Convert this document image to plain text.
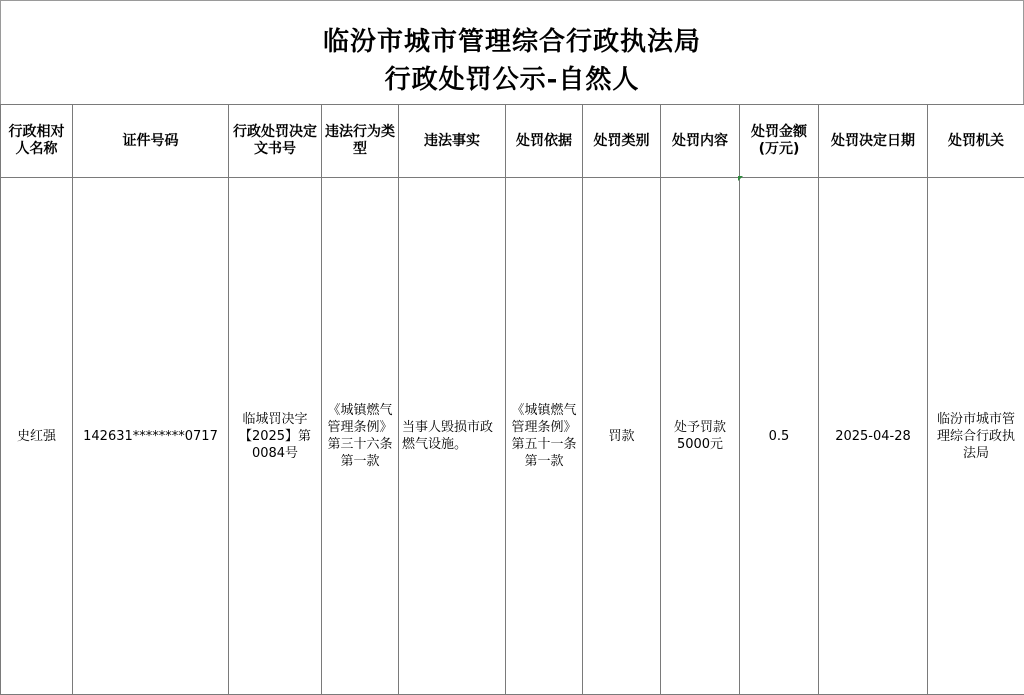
临汾市城市管理综合行政执法局
行政处罚公示-自然人
行政相对人名称	证件号码	行政处罚决定文书号	违法行为类型	违法事实	处罚依据	处罚类别	处罚内容	处罚金额(万元)	处罚决定日期	处罚机关
史红强	142631********0717	临城罚决字【2025】第0084号	《城镇燃气管理条例》第三十六条第一款	当事人毁损市政燃气设施。	《城镇燃气管理条例》第五十一条第一款	罚款	处予罚款5000元	0.5	2025-04-28	临汾市城市管理综合行政执法局
